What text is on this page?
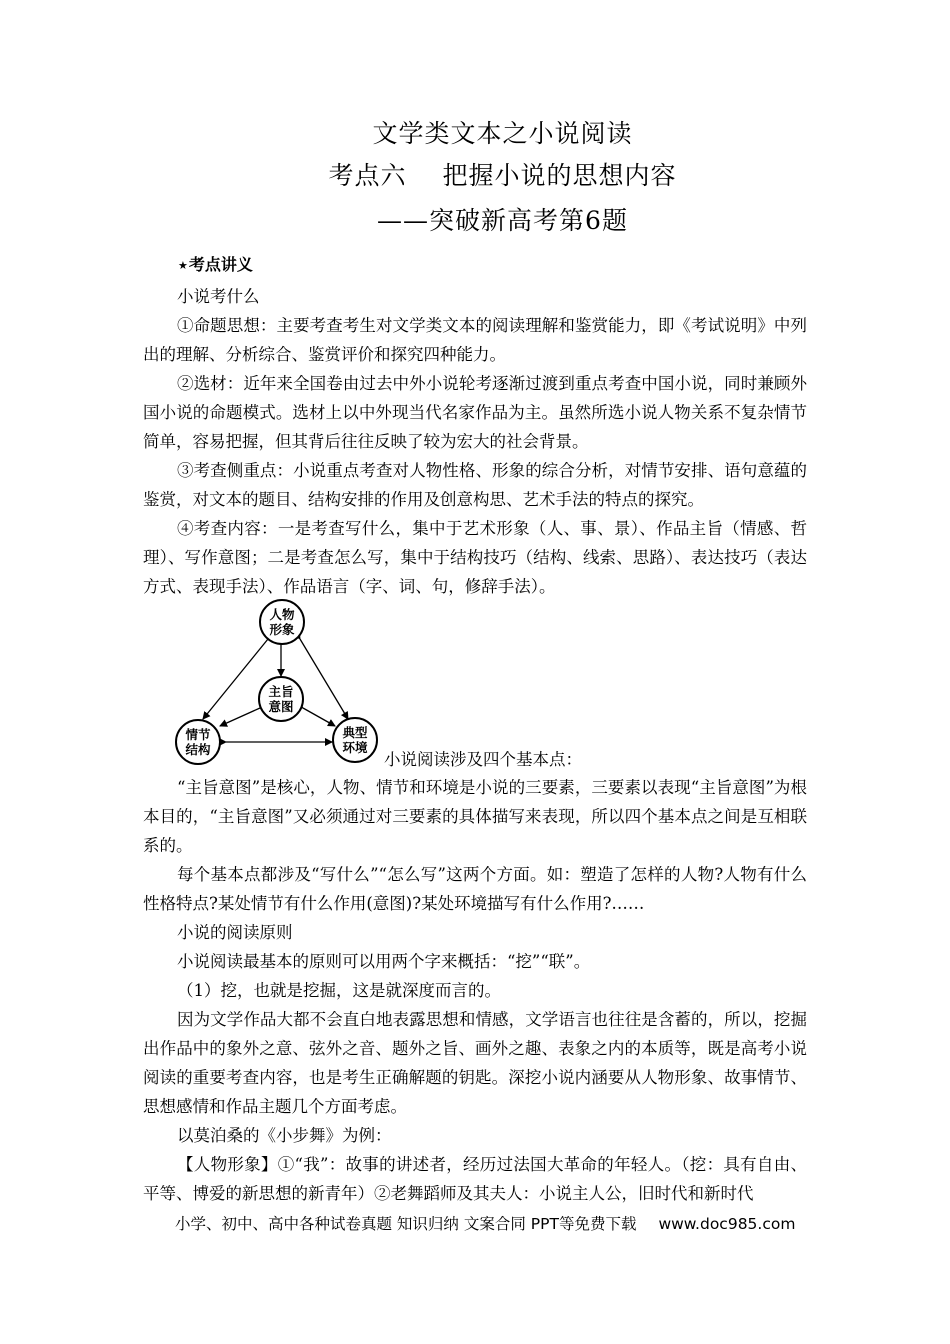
文学类文本之小说阅读
考点六 把握小说的思想内容
——突破新高考第6题
★考点讲义

小说考什么

①命题思想：主要考查考生对文学类文本的阅读理解和鉴赏能力，即《考试说明》中列出的理解、分析综合、鉴赏评价和探究四种能力。

②选材：近年来全国卷由过去中外小说轮考逐渐过渡到重点考查中国小说，同时兼顾外国小说的命题模式。选材上以中外现当代名家作品为主。虽然所选小说人物关系不复杂情节简单，容易把握，但其背后往往反映了较为宏大的社会背景。

③考查侧重点：小说重点考查对人物性格、形象的综合分析，对情节安排、语句意蕴的鉴赏，对文本的题目、结构安排的作用及创意构思、艺术手法的特点的探究。

④考查内容：一是考查写什么，集中于艺术形象（人、事、景）、作品主旨（情感、哲理）、写作意图；二是考查怎么写，集中于结构技巧（结构、线索、思路）、表达技巧（表达方式、表现手法）、作品语言（字、词、句，修辞手法）。

人物
形象
主旨
意图
情节
结构
典型
环境
小说阅读涉及四个基本点：

“主旨意图”是核心，人物、情节和环境是小说的三要素，三要素以表现“主旨意图”为根本目的，“主旨意图”又必须通过对三要素的具体描写来表现，所以四个基本点之间是互相联系的。

每个基本点都涉及“写什么”“怎么写”这两个方面。如：塑造了怎样的人物?人物有什么性格特点?某处情节有什么作用(意图)?某处环境描写有什么作用?……

小说的阅读原则

小说阅读最基本的原则可以用两个字来概括：“挖”“联”。

（1）挖，也就是挖掘，这是就深度而言的。

因为文学作品大都不会直白地表露思想和情感，文学语言也往往是含蓄的，所以，挖掘出作品中的象外之意、弦外之音、题外之旨、画外之趣、表象之内的本质等，既是高考小说阅读的重要考查内容，也是考生正确解题的钥匙。深挖小说内涵要从人物形象、故事情节、思想感情和作品主题几个方面考虑。

以莫泊桑的《小步舞》为例：

【人物形象】①“我”：故事的讲述者，经历过法国大革命的年轻人。（挖：具有自由、平等、博爱的新思想的新青年）②老舞蹈师及其夫人：小说主人公，旧时代和新时代

小学、初中、高中各种试卷真题 知识归纳 文案合同 PPT等免费下载 www.doc985.com
